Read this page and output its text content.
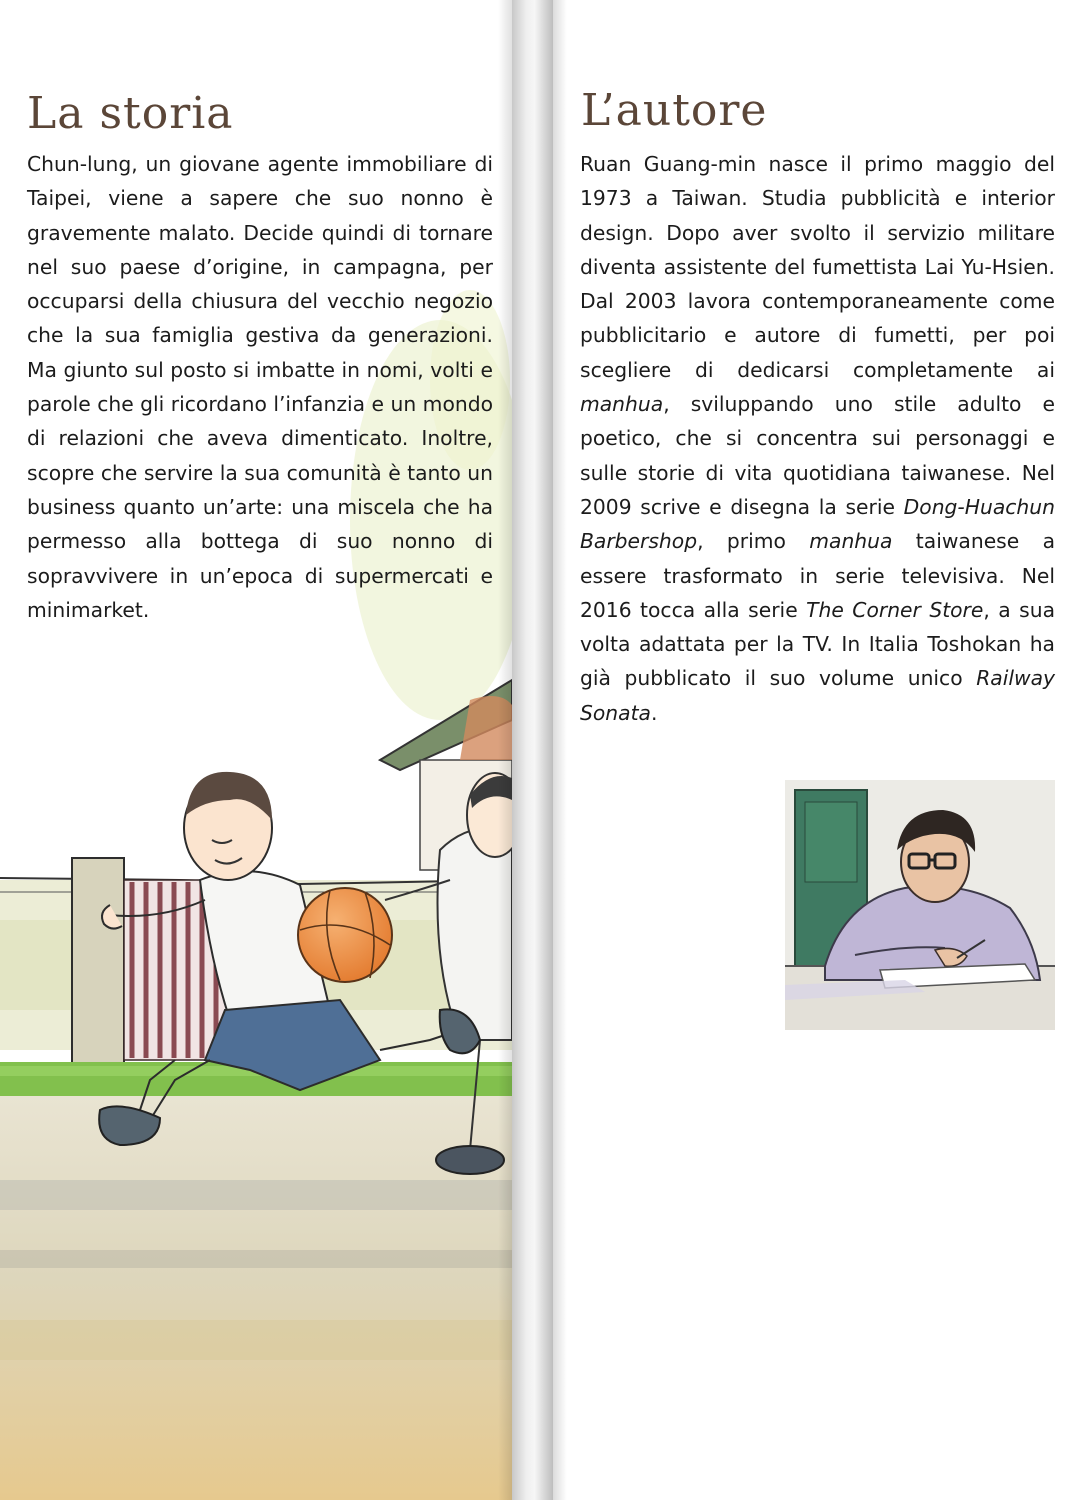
La storia

Chun-lung, un giovane agente immobiliare di Taipei, viene a sapere che suo nonno è gravemente malato. Decide quindi di tornare nel suo paese d’origine, in campagna, per occuparsi della chiusura del vecchio negozio che la sua famiglia gestiva da generazioni. Ma giunto sul posto si imbatte in nomi, volti e parole che gli ricordano l’infanzia e un mondo di relazioni che aveva dimenticato. Inoltre, scopre che servire la sua comunità è tanto un business quanto un’arte: una miscela che ha permesso alla bottega di suo nonno di sopravvivere in un’epoca di supermercati e minimarket.

L’autore

Ruan Guang-min nasce il primo maggio del 1973 a Taiwan. Studia pubblicità e interior design. Dopo aver svolto il servizio militare diventa assistente del fumettista Lai Yu-Hsien. Dal 2003 lavora contemporaneamente come pubblicitario e autore di fumetti, per poi scegliere di dedicarsi completamente ai manhua, sviluppando uno stile adulto e poetico, che si concentra sui personaggi e sulle storie di vita quotidiana taiwanese. Nel 2009 scrive e disegna la serie Dong-Huachun Barbershop, primo manhua taiwanese a essere trasformato in serie televisiva. Nel 2016 tocca alla serie The Corner Store, a sua volta adattata per la TV. In Italia Toshokan ha già pubblicato il suo volume unico Railway Sonata.
